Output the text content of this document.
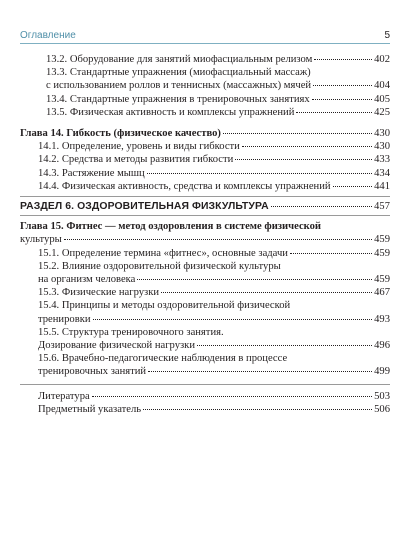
Оглавление	5
13.2. Оборудование для занятий миофасциальным релизом	402
13.3. Стандартные упражнения (миофасциальный массаж)
с использованием роллов и теннисных (массажных) мячей	404
13.4. Стандартные упражнения в тренировочных занятиях	405
13.5. Физическая активность и комплексы упражнений	425
Глава 14. Гибкость (физическое качество)	430
14.1. Определение, уровень и виды гибкости	430
14.2. Средства и методы развития гибкости	433
14.3. Растяжение мышц	434
14.4. Физическая активность, средства и комплексы упражнений	441
РАЗДЕЛ 6. ОЗДОРОВИТЕЛЬНАЯ ФИЗКУЛЬТУРА	457
Глава 15. Фитнес — метод оздоровления в системе физической
культуры	459
15.1. Определение термина «фитнес», основные задачи	459
15.2. Влияние оздоровительной физической культуры
на организм человека	459
15.3. Физические нагрузки	467
15.4. Принципы и методы оздоровительной физической
тренировки	493
15.5. Структура тренировочного занятия.
Дозирование физической нагрузки	496
15.6. Врачебно-педагогические наблюдения в процессе
тренировочных занятий	499
Литература	503
Предметный указатель	506
